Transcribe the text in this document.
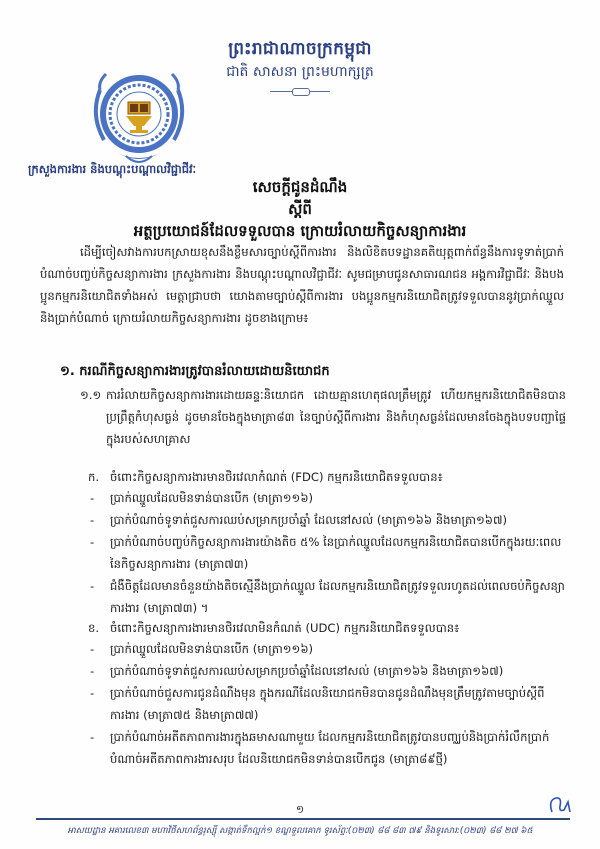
ព្រះរាជាណាចក្រកម្ពុជា
ជាតិ សាសនា ព្រះមហាក្សត្រ
ក្រសួងការងារ និងបណ្តុះបណ្តាលវិជ្ជាជីវៈ
សេចក្តីជូនដំណឹង
ស្តីពី
អត្ថប្រយោជន៍ដែលទទួលបាន ក្រោយរំលាយកិច្ចសន្យាការងារ

ដើម្បីចៀសវាងការបកស្រាយខុសនឹងខ្លឹមសារច្បាប់ស្តីពីការងារ និងលិខិតបទដ្ឋានគតិយុត្តពាក់ព័ន្ធនឹងការទូទាត់ប្រាក់បំណាច់បញ្ចប់កិច្ចសន្យាការងារ ក្រសួងការងារ និងបណ្តុះបណ្តាលវិជ្ជាជីវៈ សូមជម្រាបជូនសាធារណជន អង្គការវិជ្ជាជីវៈ និងបងប្អូនកម្មករនិយោជិតទាំងអស់ មេត្តាជ្រាបថា យោងតាមច្បាប់ស្តីពីការងារ បងប្អូនកម្មករនិយោជិតត្រូវទទួលបាននូវប្រាក់ឈ្នួល និងប្រាក់បំណាច់ ក្រោយរំលាយកិច្ចសន្យាការងារ ដូចខាងក្រោម៖

១. ករណីកិច្ចសន្យាការងារត្រូវបានរំលាយដោយនិយោជក
១.១ ការរំលាយកិច្ចសន្យាការងារដោយឆន្ទៈនិយោជក ដោយគ្មានហេតុផលត្រឹមត្រូវ ហើយកម្មករនិយោជិតមិនបានប្រព្រឹត្តកំហុសធ្ងន់ ដូចមានចែងក្នុងមាត្រា៨៣ នៃច្បាប់ស្តីពីការងារ និងកំហុសធ្ងន់ដែលមានចែងក្នុងបទបញ្ជាផ្ទៃក្នុងរបស់សហគ្រាស
ក. ចំពោះកិច្ចសន្យាការងារមានថិរវេលាកំណត់ (FDC) កម្មករនិយោជិតទទួលបាន៖
- ប្រាក់ឈ្នួលដែលមិនទាន់បានបើក (មាត្រា១១៦)
- ប្រាក់បំណាច់ទូទាត់ជួសការឈប់សម្រាកប្រចាំឆ្នាំ ដែលនៅសល់ (មាត្រា១៦៦ និងមាត្រា១៦៧)
- ប្រាក់បំណាច់បញ្ចប់កិច្ចសន្យាការងារយ៉ាងតិច ៥% នៃប្រាក់ឈ្នួលដែលកម្មករនិយោជិតបានបើកក្នុងរយៈពេលនៃកិច្ចសន្យាការងារ (មាត្រា៧៣)
- ជំងឺចិត្តដែលមានចំនួនយ៉ាងតិចស្មើនឹងប្រាក់ឈ្នួល ដែលកម្មករនិយោជិតត្រូវទទួលរហូតដល់ពេលចប់កិច្ចសន្យាការងារ (មាត្រា៧៣) ។
ខ. ចំពោះកិច្ចសន្យាការងារមានថិរវេលាមិនកំណត់ (UDC) កម្មករនិយោជិតទទួលបាន៖
- ប្រាក់ឈ្នួលដែលមិនទាន់បានបើក (មាត្រា១១៦)
- ប្រាក់បំណាច់ទូទាត់ជួសការឈប់សម្រាកប្រចាំឆ្នាំដែលនៅសល់ (មាត្រា១៦៦ និងមាត្រា១៦៧)
- ប្រាក់បំណាច់ជួសការជូនដំណឹងមុន ក្នុងករណីដែលនិយោជកមិនបានជូនដំណឹងមុនត្រឹមត្រូវតាមច្បាប់ស្តីពីការងារ (មាត្រា៧៥ និងមាត្រា៧៧)
- ប្រាក់បំណាច់អតីតភាពការងារក្នុងឆមាសណាមួយ ដែលកម្មករនិយោជិតត្រូវបានបញ្ឈប់និងប្រាក់រំលឹកប្រាក់បំណាច់អតីតភាពការងារសរុប ដែលនិយោជកមិនទាន់បានបើកជូន (មាត្រា៨៩ថ្មី)
១
អាសយដ្ឋាន អគារលេខ៣ មហាវិថីសហព័ន្ធរុស្ស៊ី សង្កាត់ទឹកល្អក់១ ខណ្ឌទួលគោក ទូរស័ព្ទៈ(០២៣) ៨៨ ៨៣ ៧៩ និងទូរសារ:(០២៣) ៨៨ ២៧ ៦៥
